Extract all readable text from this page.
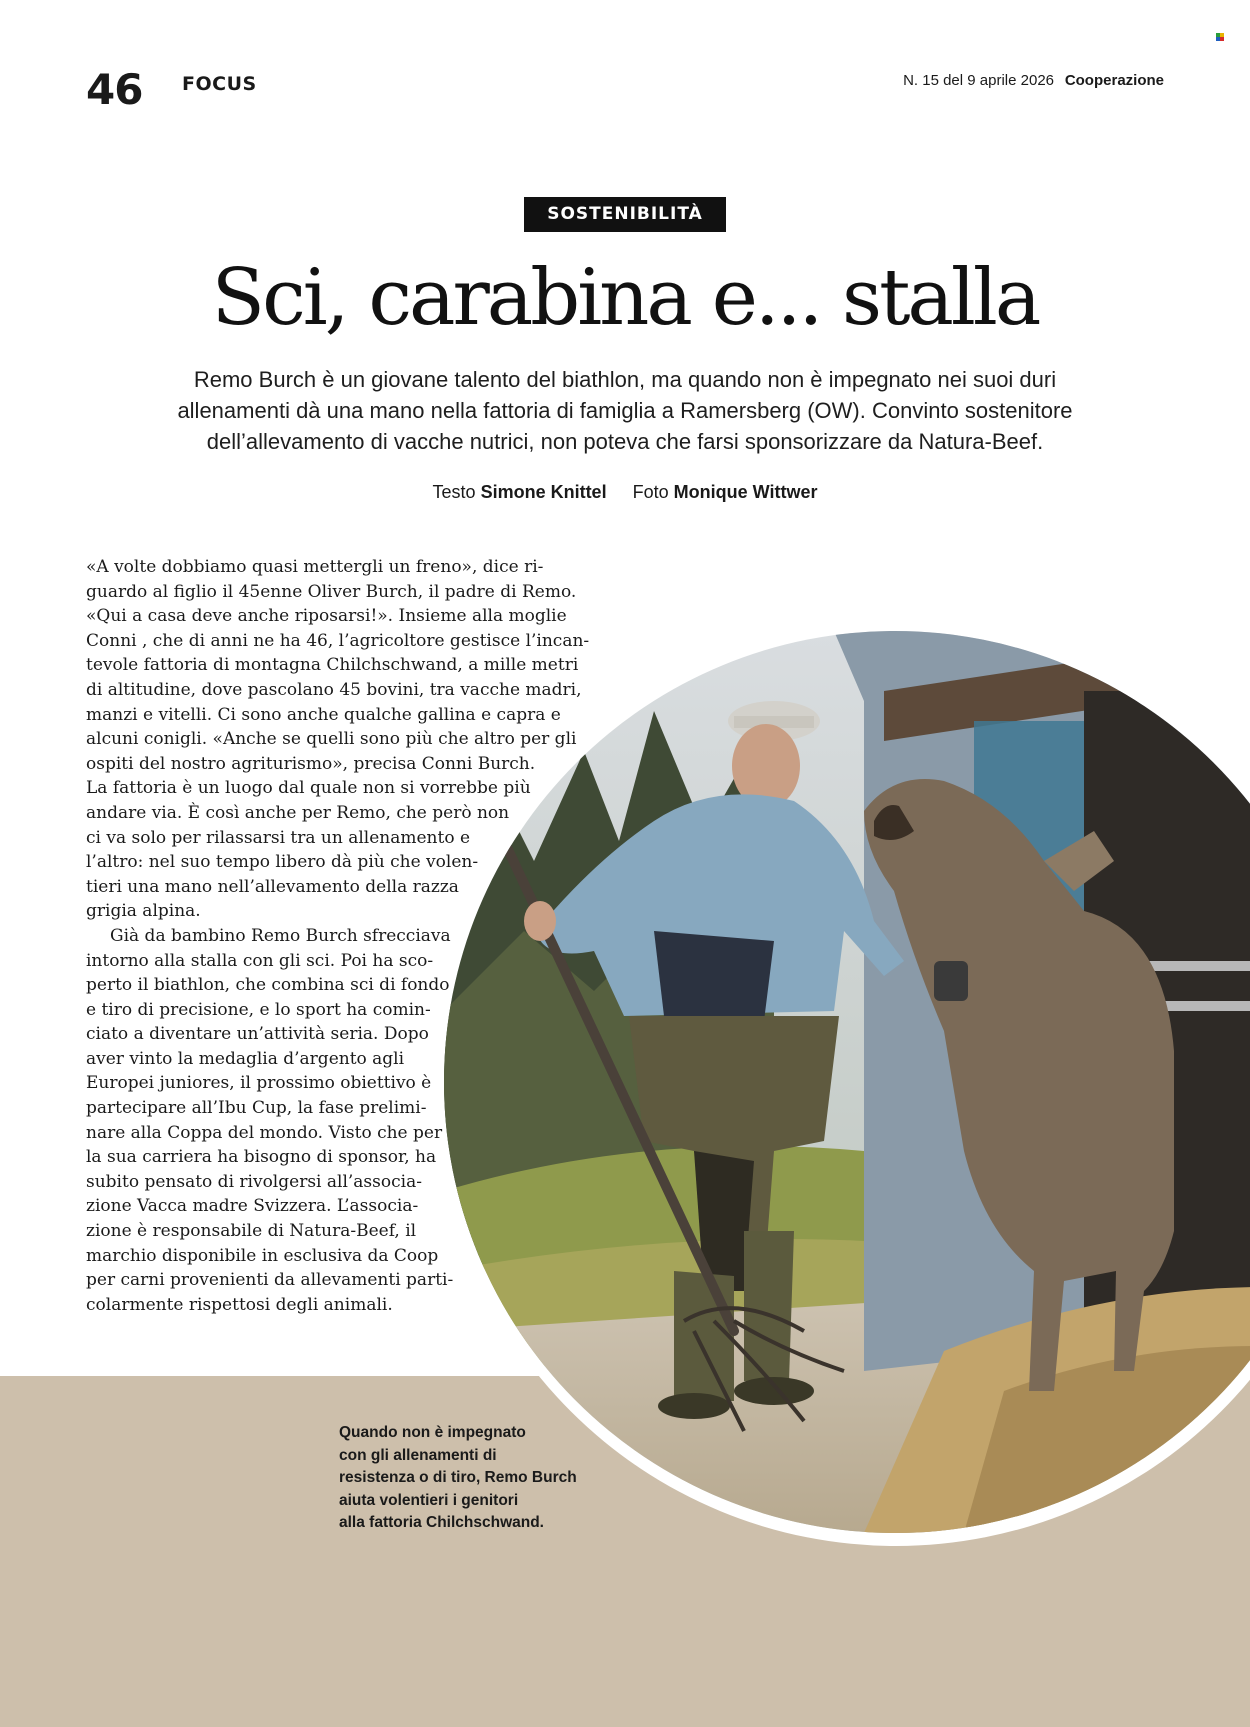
46 FOCUS	N. 15 del 9 aprile 2026 Cooperazione
SOSTENIBILITÀ
Sci, carabina e... stalla

Remo Burch è un giovane talento del biathlon, ma quando non è impegnato nei suoi duri allenamenti dà una mano nella fattoria di famiglia a Ramersberg (OW). Convinto sostenitore dell’allevamento di vacche nutrici, non poteva che farsi sponsorizzare da Natura-Beef.

Testo Simone Knittel Foto Monique Wittwer
«A volte dobbiamo quasi mettergli un freno», dice ri-
guardo al figlio il 45enne Oliver Burch, il padre di Remo.
«Qui a casa deve anche riposarsi!». Insieme alla moglie
Conni , che di anni ne ha 46, l’agricoltore gestisce l’incan-
tevole fattoria di montagna Chilchschwand, a mille metri
di altitudine, dove pascolano 45 bovini, tra vacche madri,
manzi e vitelli. Ci sono anche qualche gallina e capra e
alcuni conigli. «Anche se quelli sono più che altro per gli
ospiti del nostro agriturismo», precisa Conni Burch.
La fattoria è un luogo dal quale non si vorrebbe più
andare via. È così anche per Remo, che però non
ci va solo per rilassarsi tra un allenamento e
l’altro: nel suo tempo libero dà più che volen-
tieri una mano nell’allevamento della razza
grigia alpina.
Già da bambino Remo Burch sfrecciava
intorno alla stalla con gli sci. Poi ha sco-
perto il biathlon, che combina sci di fondo
e tiro di precisione, e lo sport ha comin-
ciato a diventare un’attività seria. Dopo
aver vinto la medaglia d’argento agli
Europei juniores, il prossimo obiettivo è
partecipare all’Ibu Cup, la fase prelimi-
nare alla Coppa del mondo. Visto che per
la sua carriera ha bisogno di sponsor, ha
subito pensato di rivolgersi all’associa-
zione Vacca madre Svizzera. L’associa-
zione è responsabile di Natura-Beef, il
marchio disponibile in esclusiva da Coop
per carni provenienti da allevamenti parti-
colarmente rispettosi degli animali.
Quando non è impegnato
con gli allenamenti di
resistenza o di tiro, Remo Burch
aiuta volentieri i genitori
alla fattoria Chilchschwand.
